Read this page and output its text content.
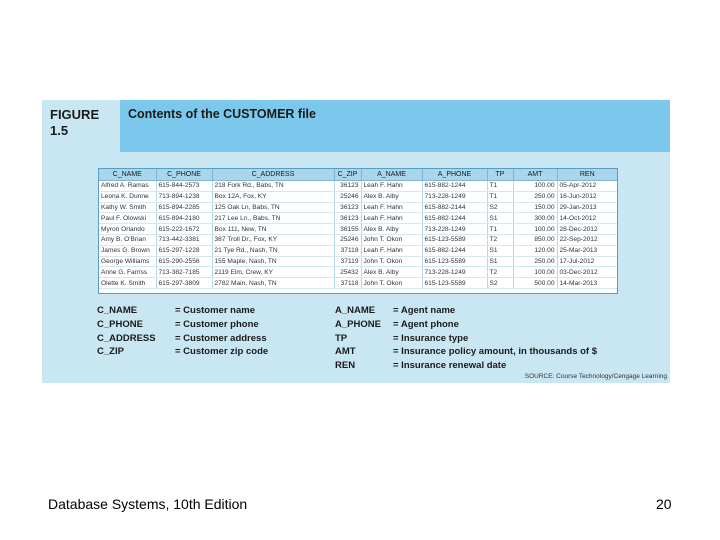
FIGURE
1.5
Contents of the CUSTOMER file
C_NAME	C_PHONE	C_ADDRESS	C_ZIP	A_NAME	A_PHONE	TP	AMT	REN
Alfred A. Ramas	615-844-2573	218 Fork Rd., Babs, TN	36123	Leah F. Hahn	615-882-1244	T1	100.00	05-Apr-2012
Leona K. Dunne	713-894-1238	Box 12A, Fox, KY	25246	Alex B. Alby	713-228-1249	T1	250.00	16-Jun-2012
Kathy W. Smith	615-894-2285	125 Oak Ln, Babs, TN	36123	Leah F. Hahn	615-882-2144	S2	150.00	29-Jan-2013
Paul F. Olowski	615-894-2180	217 Lee Ln., Babs, TN	36123	Leah F. Hahn	615-882-1244	S1	300.00	14-Oct-2012
Myron Orlando	615-222-1672	Box 111, New, TN	36155	Alex B. Alby	713-228-1249	T1	100.00	28-Dec-2012
Amy B. O'Brian	713-442-3381	387 Troll Dr., Fox, KY	25246	John T. Okon	615-123-5589	T2	850.00	22-Sep-2012
James G. Brown	615-297-1228	21 Tye Rd., Nash, TN	37118	Leah F. Hahn	615-882-1244	S1	120.00	25-Mar-2013
George Williams	615-290-2556	155 Maple, Nash, TN	37119	John T. Okon	615-123-5589	S1	250.00	17-Jul-2012
Anne G. Farriss	713-382-7185	2119 Elm, Crew, KY	25432	Alex B. Alby	713-228-1249	T2	100.00	03-Dec-2012
Olette K. Smith	615-297-3809	2782 Main, Nash, TN	37118	John T. Okon	615-123-5589	S2	500.00	14-Mar-2013
C_NAME	= Customer name
C_PHONE	= Customer phone
C_ADDRESS = Customer address
C_ZIP	= Customer zip code
A_NAME = Agent name
A_PHONE = Agent phone
TP	= Insurance type
AMT	= Insurance policy amount, in thousands of $
REN	= Insurance renewal date
SOURCE: Course Technology/Cengage Learning
Database Systems, 10th Edition	20
